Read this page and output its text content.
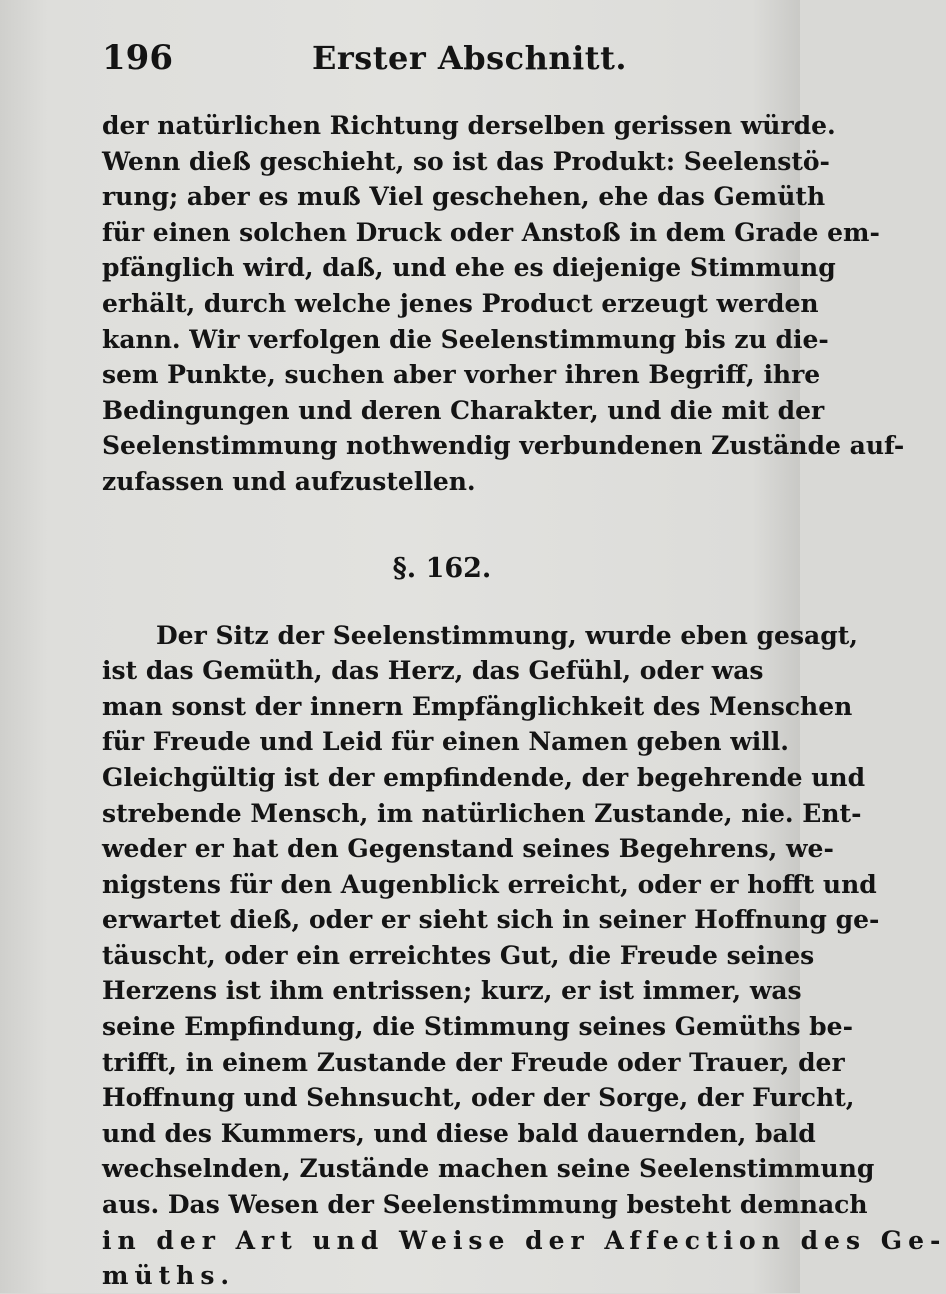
196	Erster Abschnitt.
der natürlichen Richtung derselben gerissen würde.
Wenn dieß geschieht, so ist das Produkt: Seelenstö-
rung; aber es muß Viel geschehen, ehe das Gemüth
für einen solchen Druck oder Anstoß in dem Grade em-
pfänglich wird, daß, und ehe es diejenige Stimmung
erhält, durch welche jenes Product erzeugt werden
kann. Wir verfolgen die Seelenstimmung bis zu die-
sem Punkte, suchen aber vorher ihren Begriff, ihre
Bedingungen und deren Charakter, und die mit der
Seelenstimmung nothwendig verbundenen Zustände auf-
zufassen und aufzustellen.
§. 162.
Der Sitz der Seelenstimmung, wurde eben gesagt,
ist das Gemüth, das Herz, das Gefühl, oder was
man sonst der innern Empfänglichkeit des Menschen
für Freude und Leid für einen Namen geben will.
Gleichgültig ist der empfindende, der begehrende und
strebende Mensch, im natürlichen Zustande, nie. Ent-
weder er hat den Gegenstand seines Begehrens, we-
nigstens für den Augenblick erreicht, oder er hofft und
erwartet dieß, oder er sieht sich in seiner Hoffnung ge-
täuscht, oder ein erreichtes Gut, die Freude seines
Herzens ist ihm entrissen; kurz, er ist immer, was
seine Empfindung, die Stimmung seines Gemüths be-
trifft, in einem Zustande der Freude oder Trauer, der
Hoffnung und Sehnsucht, oder der Sorge, der Furcht,
und des Kummers, und diese bald dauernden, bald
wechselnden, Zustände machen seine Seelenstimmung
aus. Das Wesen der Seelenstimmung besteht demnach
in der Art und Weise der Affection des Ge-
müths.
